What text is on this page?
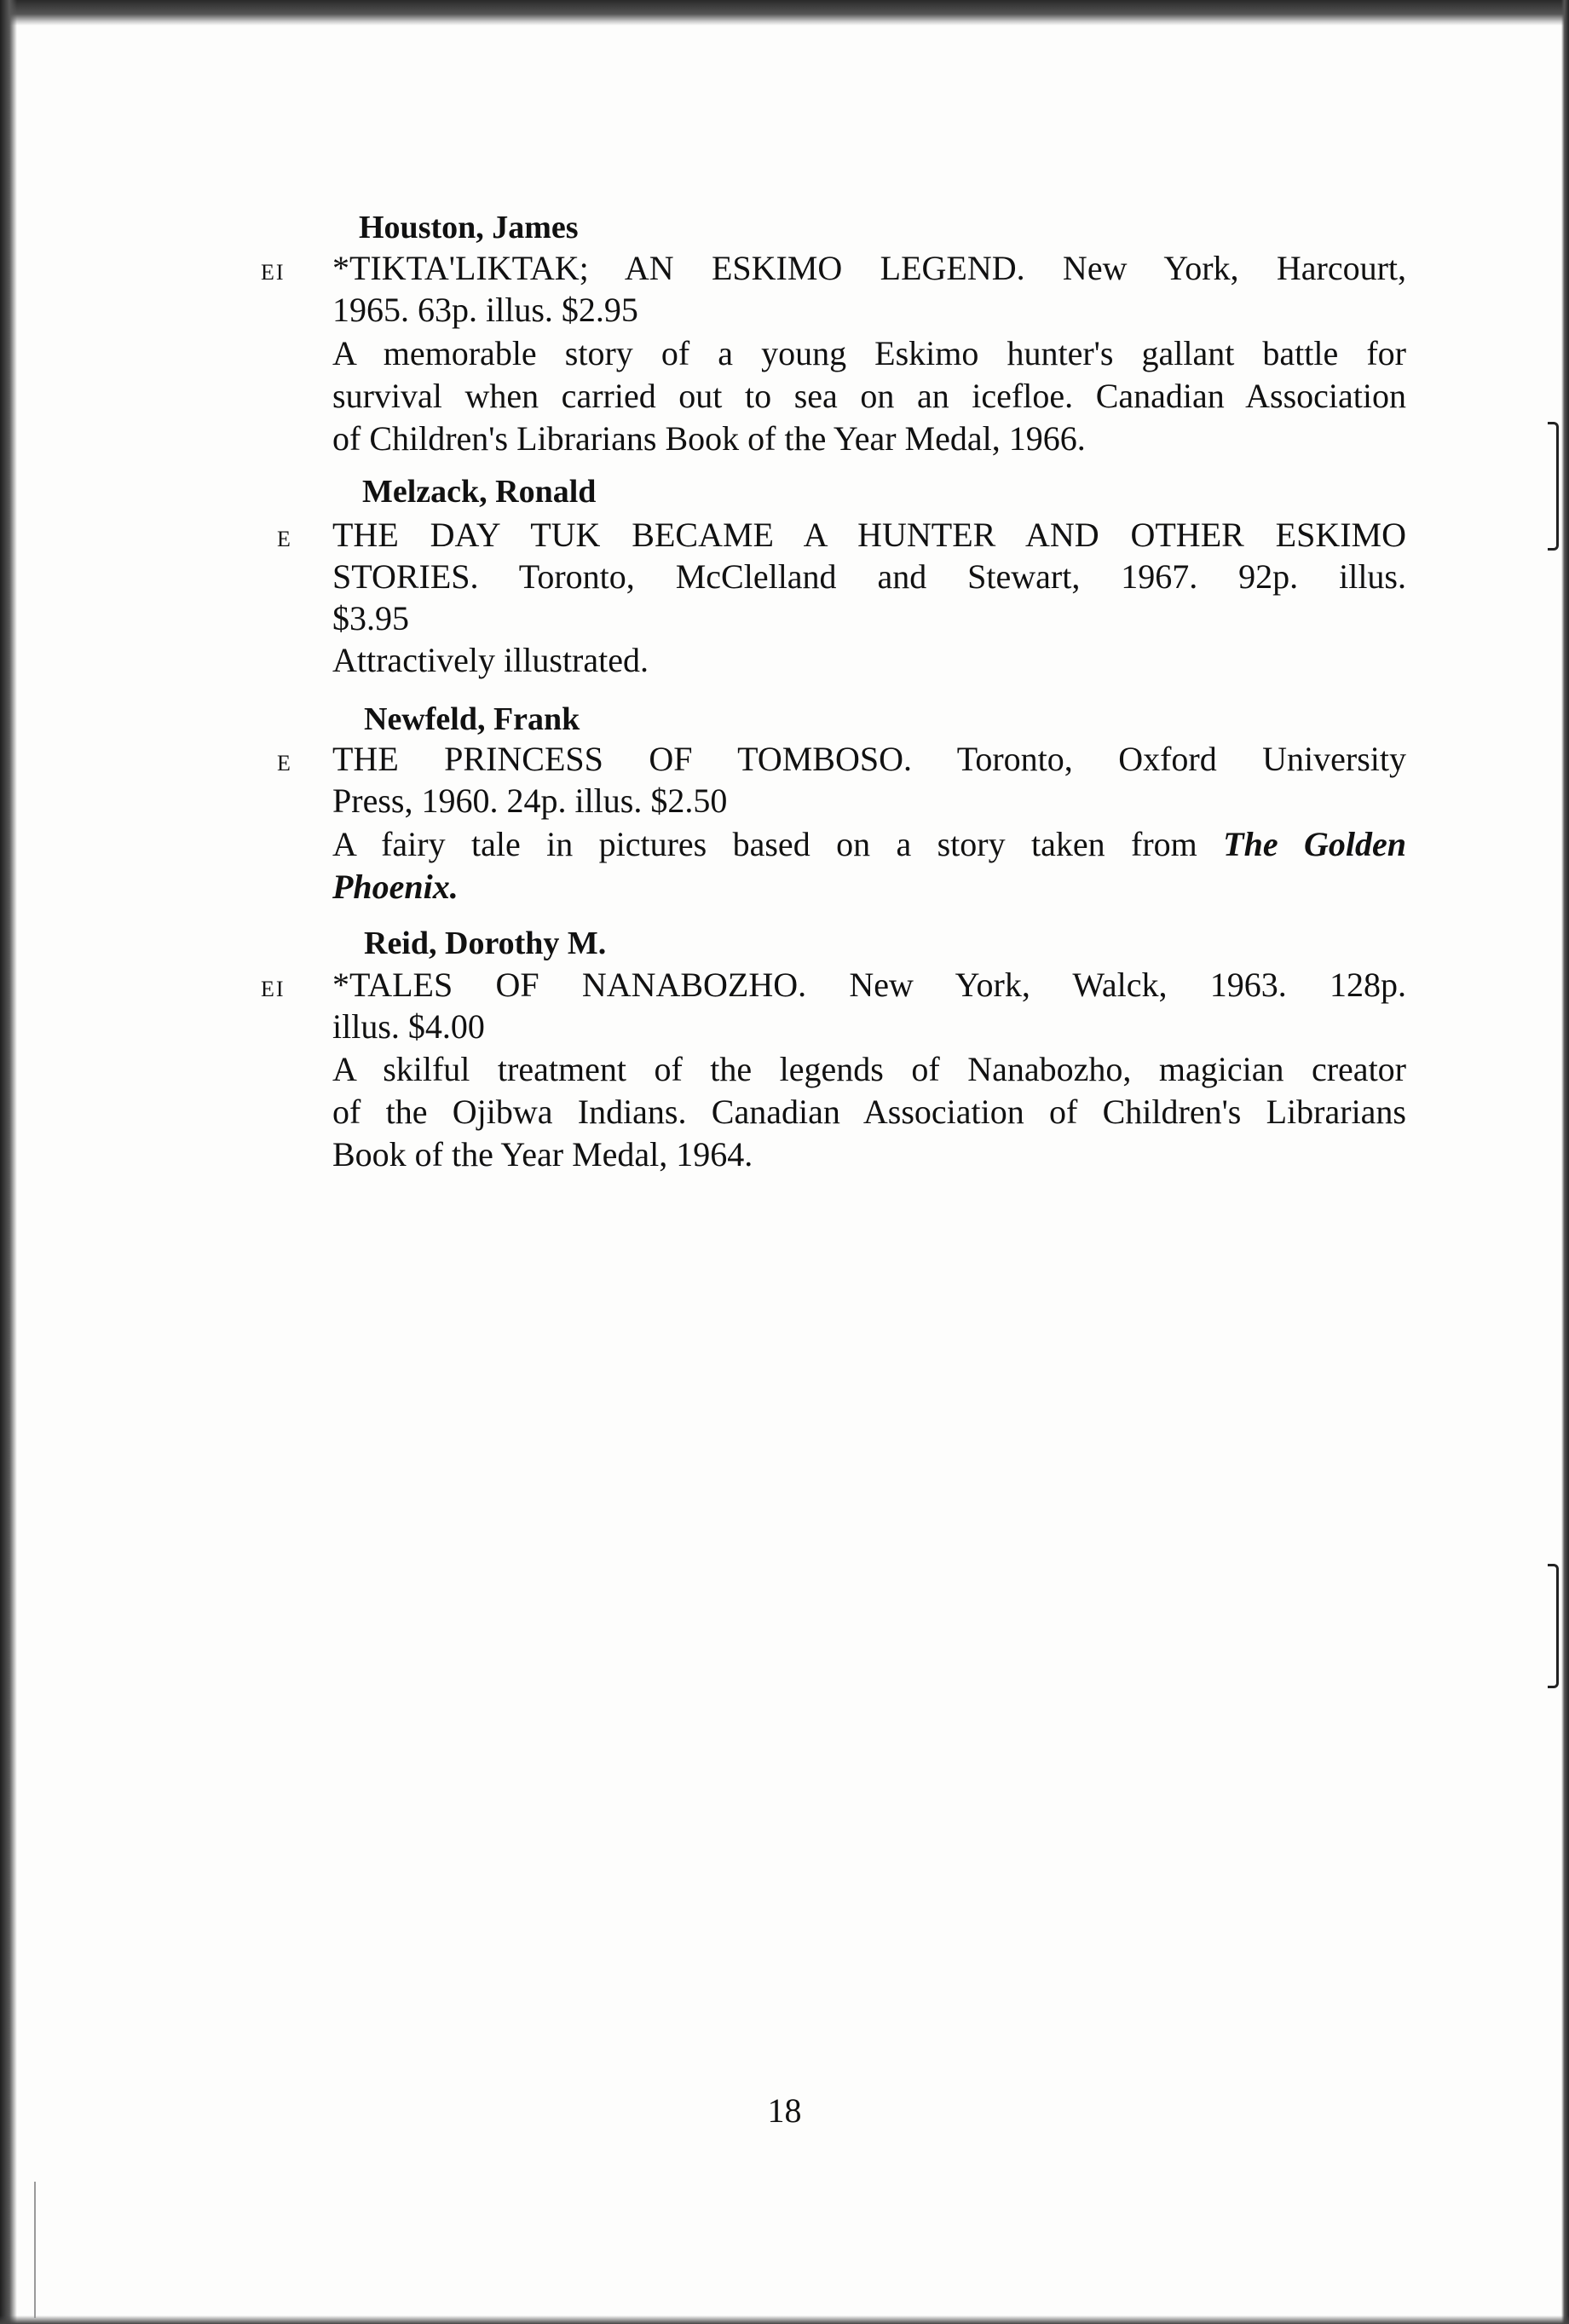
Houston, James
EI *TIKTA'LIKTAK; AN ESKIMO LEGEND. New York, Harcourt,
1965. 63p. illus. $2.95
A memorable story of a young Eskimo hunter's gallant battle for
survival when carried out to sea on an icefloe. Canadian Association
of Children's Librarians Book of the Year Medal, 1966.
Melzack, Ronald
E THE DAY TUK BECAME A HUNTER AND OTHER ESKIMO
STORIES. Toronto, McClelland and Stewart, 1967. 92p. illus.
$3.95
Attractively illustrated.
Newfeld, Frank
E THE PRINCESS OF TOMBOSO. Toronto, Oxford University
Press, 1960. 24p. illus. $2.50
A fairy tale in pictures based on a story taken from The Golden
Phoenix.
Reid, Dorothy M.
EI *TALES OF NANABOZHO. New York, Walck, 1963. 128p.
illus. $4.00
A skilful treatment of the legends of Nanabozho, magician creator
of the Ojibwa Indians. Canadian Association of Children's Librarians
Book of the Year Medal, 1964.
18
